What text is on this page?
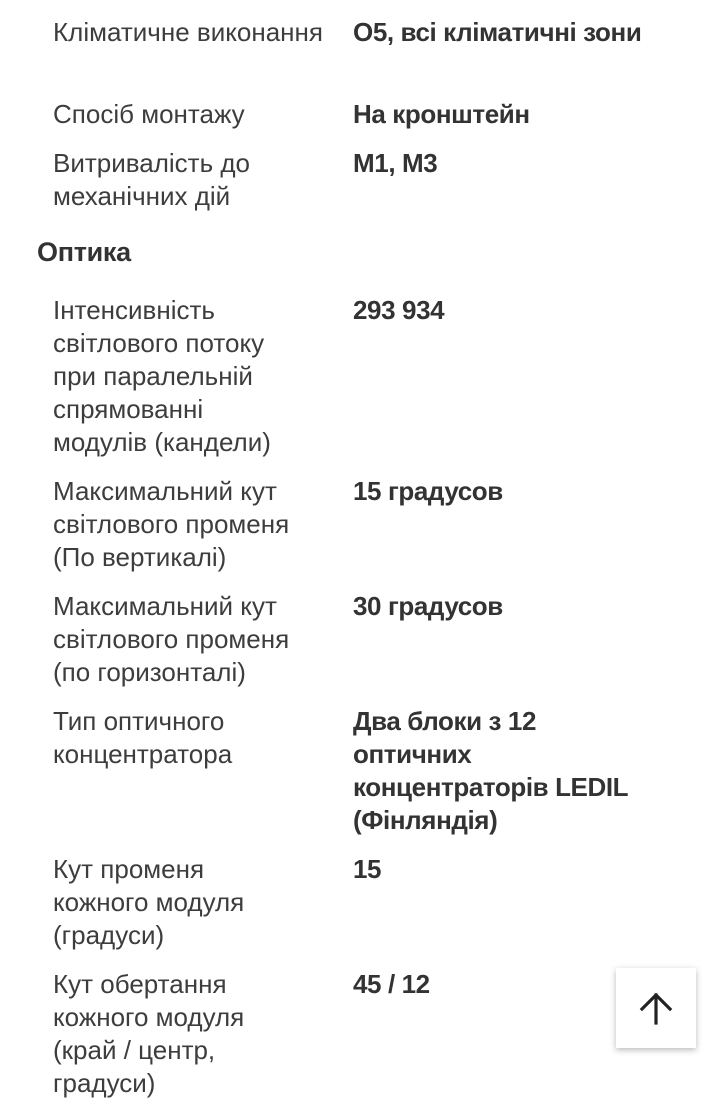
Кліматичне виконання	О5, всі кліматичні зони
Спосіб монтажу	На кронштейн
Витривалість до механічних дій
М1, М3
Оптика
Інтенсивність світлового потоку при паралельній спрямованні модулів (кандели)
293 934
Максимальний кут світлового променя (По вертикалі)
15 градусов
Максимальний кут світлового променя (по горизонталі)
30 градусов
Тип оптичного концентратора
Два блоки з 12 оптичних концентраторів LEDIL (Фінляндія)
Кут променя кожного модуля (градуси)
15
Кут обертання кожного модуля (край / центр, градуси)
45 / 12
